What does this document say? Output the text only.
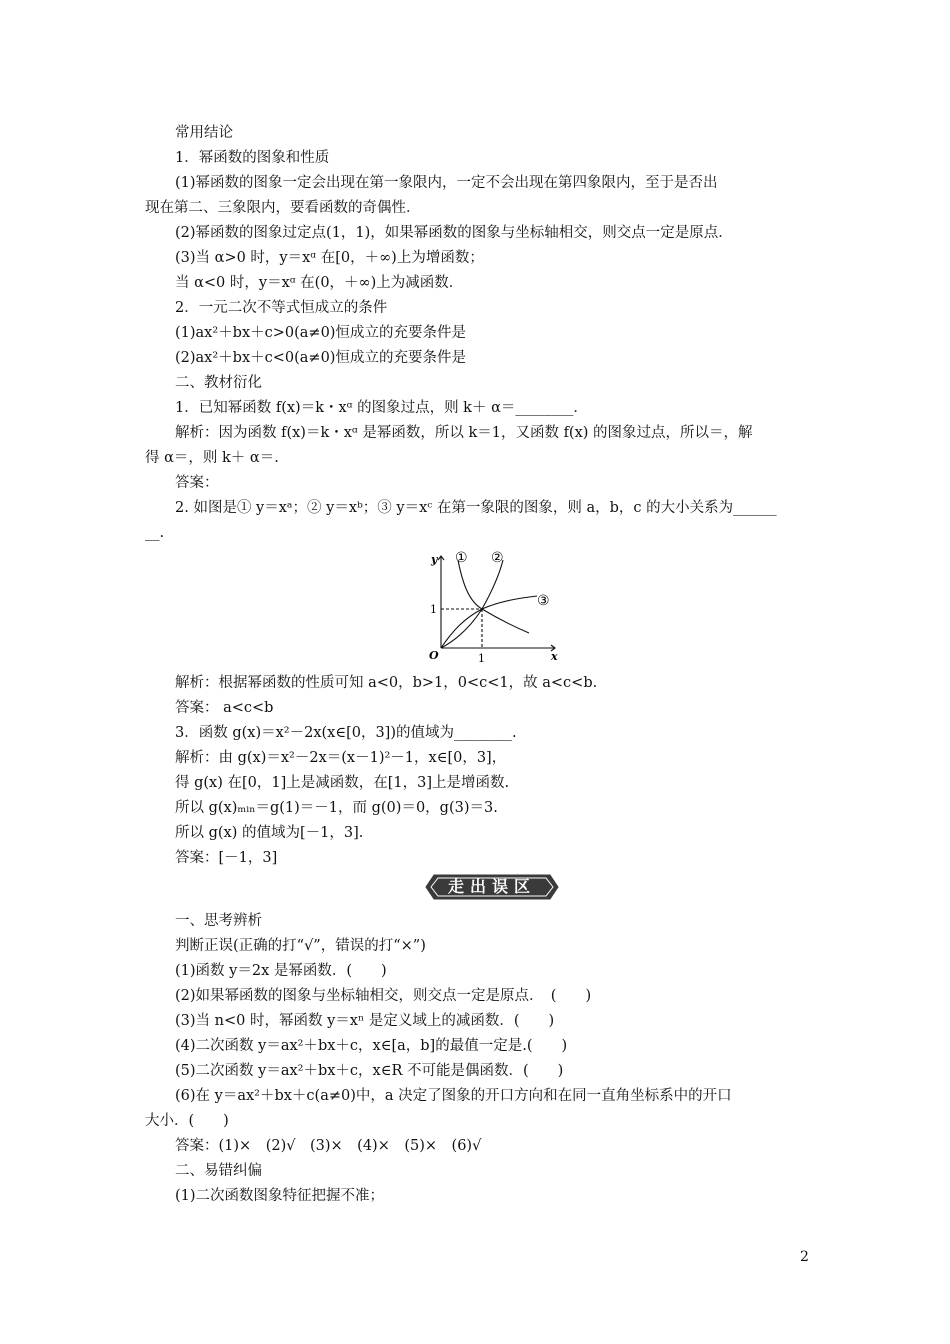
常用结论
1．幂函数的图象和性质
(1)幂函数的图象一定会出现在第一象限内，一定不会出现在第四象限内，至于是否出
现在第二、三象限内，要看函数的奇偶性．
(2)幂函数的图象过定点(1，1)，如果幂函数的图象与坐标轴相交，则交点一定是原点．
(3)当 α>0 时，y＝xᵅ 在[0，＋∞)上为增函数；
当 α<0 时，y＝xᵅ 在(0，＋∞)上为减函数．
2．一元二次不等式恒成立的条件
(1)ax²＋bx＋c>0(a≠0)恒成立的充要条件是
(2)ax²＋bx＋c<0(a≠0)恒成立的充要条件是
二、教材衍化
1．已知幂函数 f(x)＝k・xᵅ 的图象过点，则 k＋ α＝________．
解析：因为函数 f(x)＝k・xᵅ 是幂函数，所以 k＝1，又函数 f(x) 的图象过点，所以＝，解
得 α＝，则 k＋ α＝.
答案：
2. 如图是① y＝xᵃ；② y＝xᵇ；③ y＝xᶜ 在第一象限的图象，则 a，b，c 的大小关系为______
__.
y
x
O	1
1
① ②
③
解析：根据幂函数的性质可知 a<0，b>1，0<c<1，故 a<c<b.
答案： a<c<b
3．函数 g(x)＝x²－2x(x∈[0，3])的值域为________.
解析：由 g(x)＝x²－2x＝(x－1)²－1，x∈[0，3]，
得 g(x) 在[0，1]上是减函数，在[1，3]上是增函数.
所以 g(x)ₘᵢₙ＝g(1)＝－1，而 g(0)＝0，g(3)＝3.
所以 g(x) 的值域为[－1，3].
答案：[－1，3]
走出误区
一、思考辨析
判断正误(正确的打“√”，错误的打“×”)
(1)函数 y＝2x 是幂函数．(　　)
(2)如果幂函数的图象与坐标轴相交，则交点一定是原点．　(　　)
(3)当 n<0 时，幂函数 y＝xⁿ 是定义域上的减函数．(　　)
(4)二次函数 y＝ax²＋bx＋c，x∈[a，b]的最值一定是.(　　)
(5)二次函数 y＝ax²＋bx＋c，x∈R 不可能是偶函数．(　　)
(6)在 y＝ax²＋bx＋c(a≠0)中，a 决定了图象的开口方向和在同一直角坐标系中的开口
大小．(　　)
答案：(1)×　(2)√　(3)×　(4)×　(5)×　(6)√
二、易错纠偏
(1)二次函数图象特征把握不准；
2
